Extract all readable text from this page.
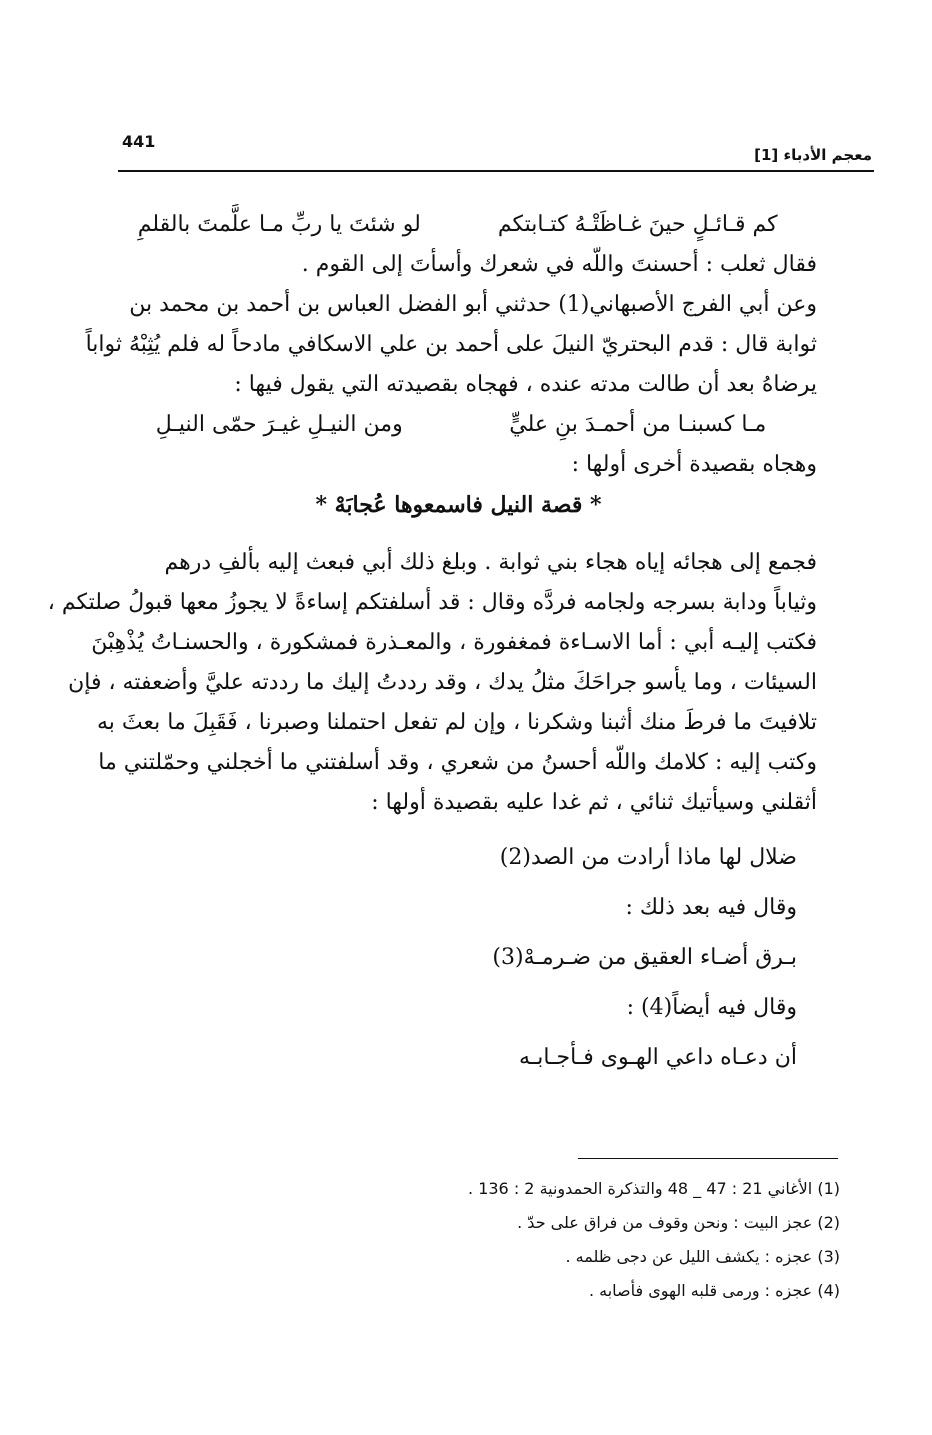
441
معجم الأدباء [1]
كم قـائـلٍ حينَ غـاظَتْـهُ كتـابتكم
لو شئتَ يا ربِّ مـا علَّمتَ بالقلمِ

فقال ثعلب : أحسنتَ واللّه في شعرك وأسأتَ إلى القوم .

وعن أبي الفرج الأصبهاني(1) حدثني أبو الفضل العباس بن أحمد بن محمد بن

ثوابة قال : قدم البحتريّ النيلَ على أحمد بن علي الاسكافي مادحاً له فلم يُثِبْهُ ثواباً

يرضاهُ بعد أن طالت مدته عنده ، فهجاه بقصيدته التي يقول فيها :

مـا كسبنـا من أحمـدَ بنِ عليٍّ
ومن النيـلِ غيـرَ حمّى النيـلِ

وهجاه بقصيدة أخرى أولها :

* قصة النيل فاسمعوها عُجابَهْ *

فجمع إلى هجائه إياه هجاء بني ثوابة . وبلغ ذلك أبي فبعث إليه بألفِ درهم

وثياباً ودابة بسرجه ولجامه فردَّه وقال : قد أسلفتكم إساءةً لا يجوزُ معها قبولُ صلتكم ،

فكتب إليـه أبي : أما الاسـاءة فمغفورة ، والمعـذرة فمشكورة ، والحسنـاتُ يُذْهِبْنَ

السيئات ، وما يأسو جراحَكَ مثلُ يدك ، وقد رددتُ إليك ما رددته عليَّ وأضعفته ، فإن

تلافيتَ ما فرطَ منك أثبنا وشكرنا ، وإن لم تفعل احتملنا وصبرنا ، فَقَبِلَ ما بعثَ به

وكتب إليه : كلامك واللّه أحسنُ من شعري ، وقد أسلفتني ما أخجلني وحمّلتني ما

أثقلني وسيأتيك ثنائي ، ثم غدا عليه بقصيدة أولها :

ضلال لها ماذا أرادت من الصد(2)

وقال فيه بعد ذلك :

بـرق أضـاء العقيق من ضـرمـهْ(3)

وقال فيه أيضاً(4) :

أن دعـاه داعي الهـوى فـأجـابـه

(1) الأغاني 21 : 47 _ 48 والتذكرة الحمدونية 2 : 136 .
(2) عجز البيت : ونحن وقوف من فراق على حدّ .
(3) عجزه : يكشف الليل عن دجى ظلمه .
(4) عجزه : ورمى قلبه الهوى فأصابه .
